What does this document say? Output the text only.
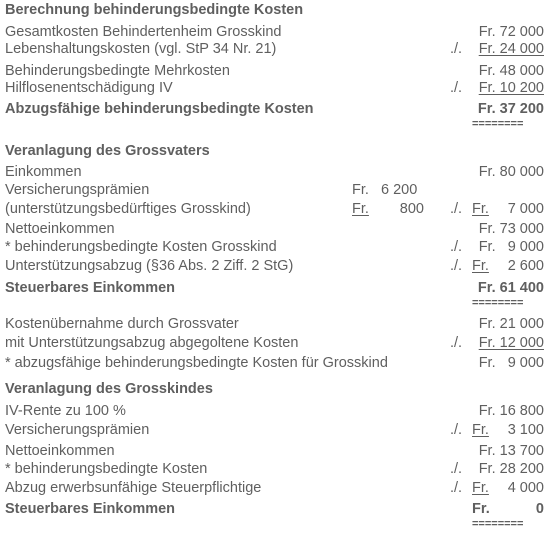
Berechnung behinderungsbedingte Kosten
Gesamtkosten Behindertenheim Grosskind	Fr. 72 000
Lebenshaltungskosten (vgl. StP 34 Nr. 21)	./. Fr. 24 000
Behinderungsbedingte Mehrkosten	Fr. 48 000
Hilflosenentschädigung IV	./. Fr. 10 200
Abzugsfähige behinderungsbedingte Kosten	Fr. 37 200
========
Veranlagung des Grossvaters
Einkommen	Fr. 80 000
Versicherungsprämien	Fr.   6 200
(unterstützungsbedürftiges Grosskind)	Fr. 800 ./. Fr. 7 000
Nettoeinkommen	Fr. 73 000
* behinderungsbedingte Kosten Grosskind	./. Fr.   9 000
Unterstützungsabzug (§36 Abs. 2 Ziff. 2 StG)	./. Fr. 2 600
Steuerbares Einkommen	Fr. 61 400
========
Kostenübernahme durch Grossvater	Fr. 21 000
mit Unterstützungsabzug abgegoltene Kosten	./. Fr. 12 000
* abzugsfähige behinderungsbedingte Kosten für Grosskind	Fr.   9 000
Veranlagung des Grosskindes
IV-Rente zu 100 %	Fr. 16 800
Versicherungsprämien	./. Fr. 3 100
Nettoeinkommen	Fr. 13 700
* behinderungsbedingte Kosten	./. Fr. 28 200
Abzug erwerbsunfähige Steuerpflichtige	./. Fr. 4 000
Steuerbares Einkommen	Fr.	0
========
